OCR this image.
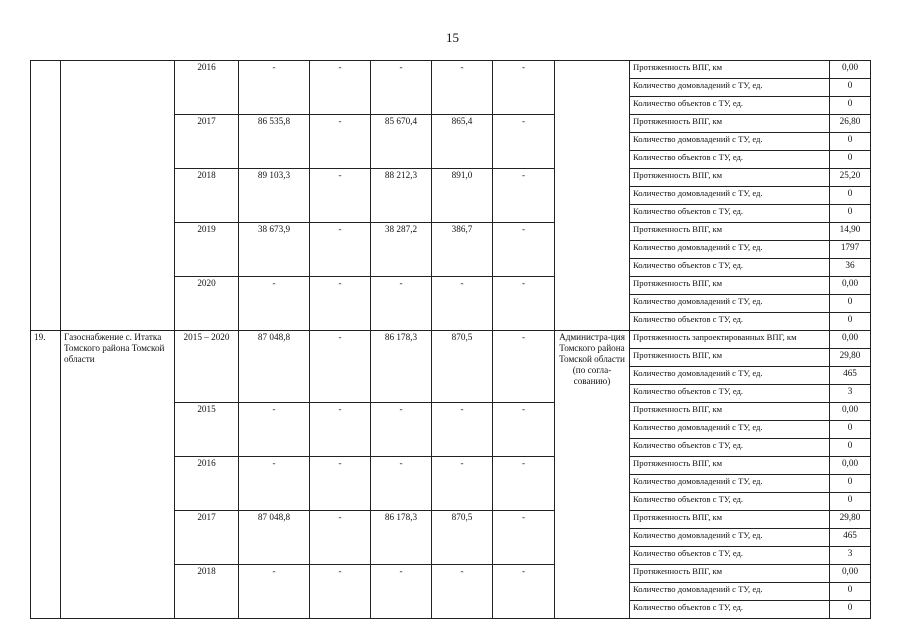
15
		2016	-	-	-	-	-		Протяженность ВПГ, км	0,00
									Количество домовладений с ТУ, ед.	0
									Количество объектов с ТУ, ед.	0
		2017	86 535,8	-	85 670,4	865,4	-		Протяженность ВПГ, км	26,80
									Количество домовладений с ТУ, ед.	0
									Количество объектов с ТУ, ед.	0
		2018	89 103,3	-	88 212,3	891,0	-		Протяженность ВПГ, км	25,20
									Количество домовладений с ТУ, ед.	0
									Количество объектов с ТУ, ед.	0
		2019	38 673,9	-	38 287,2	386,7	-		Протяженность ВПГ, км	14,90
									Количество домовладений с ТУ, ед.	1797
									Количество объектов с ТУ, ед.	36
		2020	-	-	-	-	-		Протяженность ВПГ, км	0,00
									Количество домовладений с ТУ, ед.	0
									Количество объектов с ТУ, ед.	0
19.	Газоснабжение с. Итатка Томского района Томской области	2015 – 2020	87 048,8	-	86 178,3	870,5	-	Администра-ция Томского района Томской области (по согла-сованию)	Протяженность запроектированных ВПГ, км	0,00
									Протяженность ВПГ, км	29,80
									Количество домовладений с ТУ, ед.	465
									Количество объектов с ТУ, ед.	3
		2015	-	-	-	-	-		Протяженность ВПГ, км	0,00
									Количество домовладений с ТУ, ед.	0
									Количество объектов с ТУ, ед.	0
		2016	-	-	-	-	-		Протяженность ВПГ, км	0,00
									Количество домовладений с ТУ, ед.	0
									Количество объектов с ТУ, ед.	0
		2017	87 048,8	-	86 178,3	870,5	-		Протяженность ВПГ, км	29,80
									Количество домовладений с ТУ, ед.	465
									Количество объектов с ТУ, ед.	3
		2018	-	-	-	-	-		Протяженность ВПГ, км	0,00
									Количество домовладений с ТУ, ед.	0
									Количество объектов с ТУ, ед.	0
